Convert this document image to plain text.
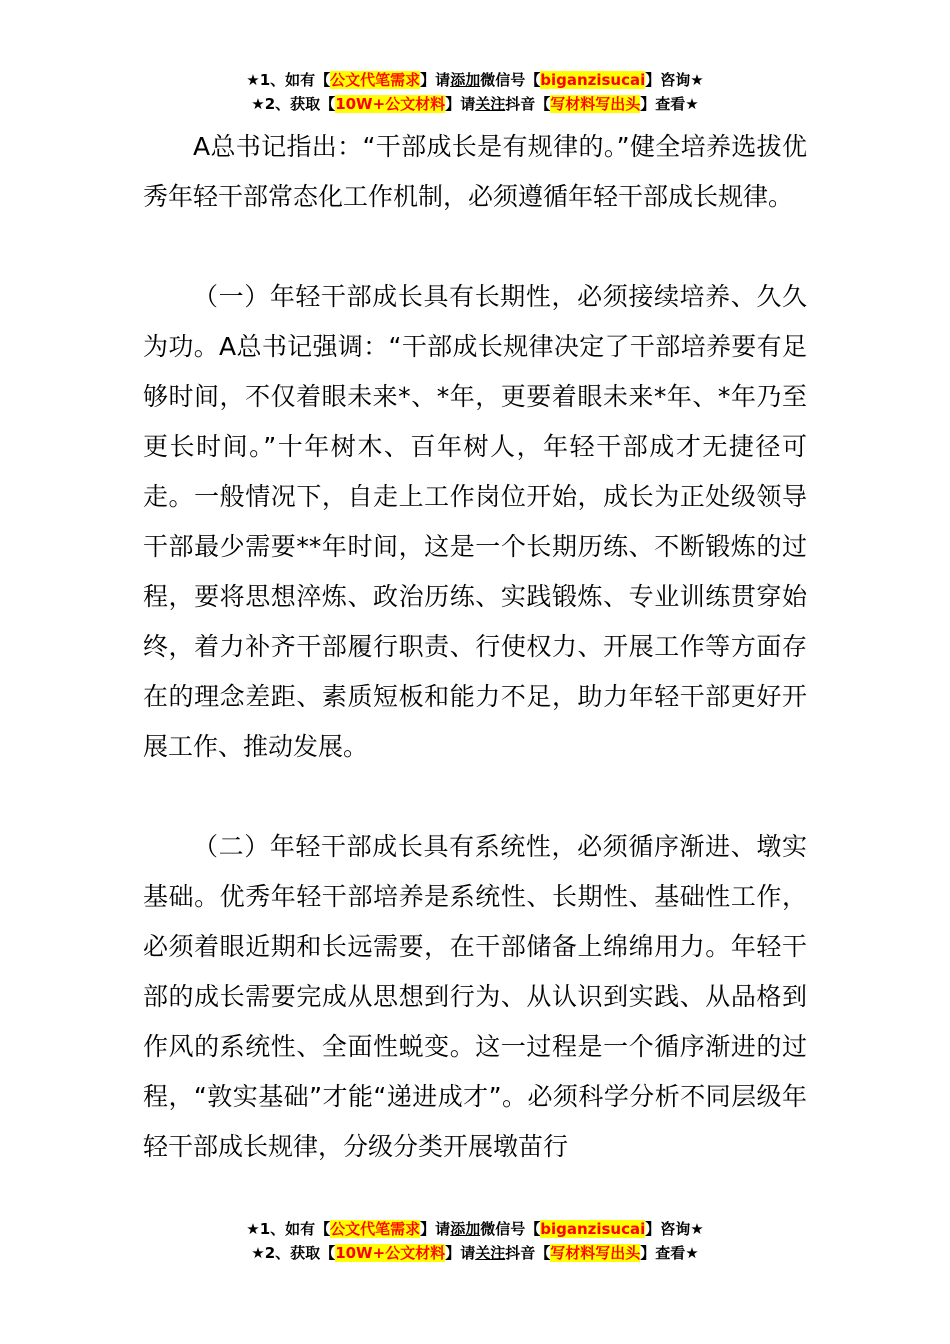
★1、如有【公文代笔需求】请添加微信号【biganzisucai】咨询★
★2、获取【10W+公文材料】请关注抖音【写材料写出头】查看★

A总书记指出：“干部成长是有规律的。”健全培养选拔优秀年轻干部常态化工作机制，必须遵循年轻干部成长规律。

（一）年轻干部成长具有长期性，必须接续培养、久久为功。A总书记强调：“干部成长规律决定了干部培养要有足够时间，不仅着眼未来*、*年，更要着眼未来*年、*年乃至更长时间。”十年树木、百年树人，年轻干部成才无捷径可走。一般情况下，自走上工作岗位开始，成长为正处级领导干部最少需要**年时间，这是一个长期历练、不断锻炼的过程，要将思想淬炼、政治历练、实践锻炼、专业训练贯穿始终，着力补齐干部履行职责、行使权力、开展工作等方面存在的理念差距、素质短板和能力不足，助力年轻干部更好开展工作、推动发展。

（二）年轻干部成长具有系统性，必须循序渐进、墩实基础。优秀年轻干部培养是系统性、长期性、基础性工作，必须着眼近期和长远需要，在干部储备上绵绵用力。年轻干部的成长需要完成从思想到行为、从认识到实践、从品格到作风的系统性、全面性蜕变。这一过程是一个循序渐进的过程，“敦实基础”才能“递进成才”。必须科学分析不同层级年轻干部成长规律，分级分类开展墩苗行

★1、如有【公文代笔需求】请添加微信号【biganzisucai】咨询★
★2、获取【10W+公文材料】请关注抖音【写材料写出头】查看★
